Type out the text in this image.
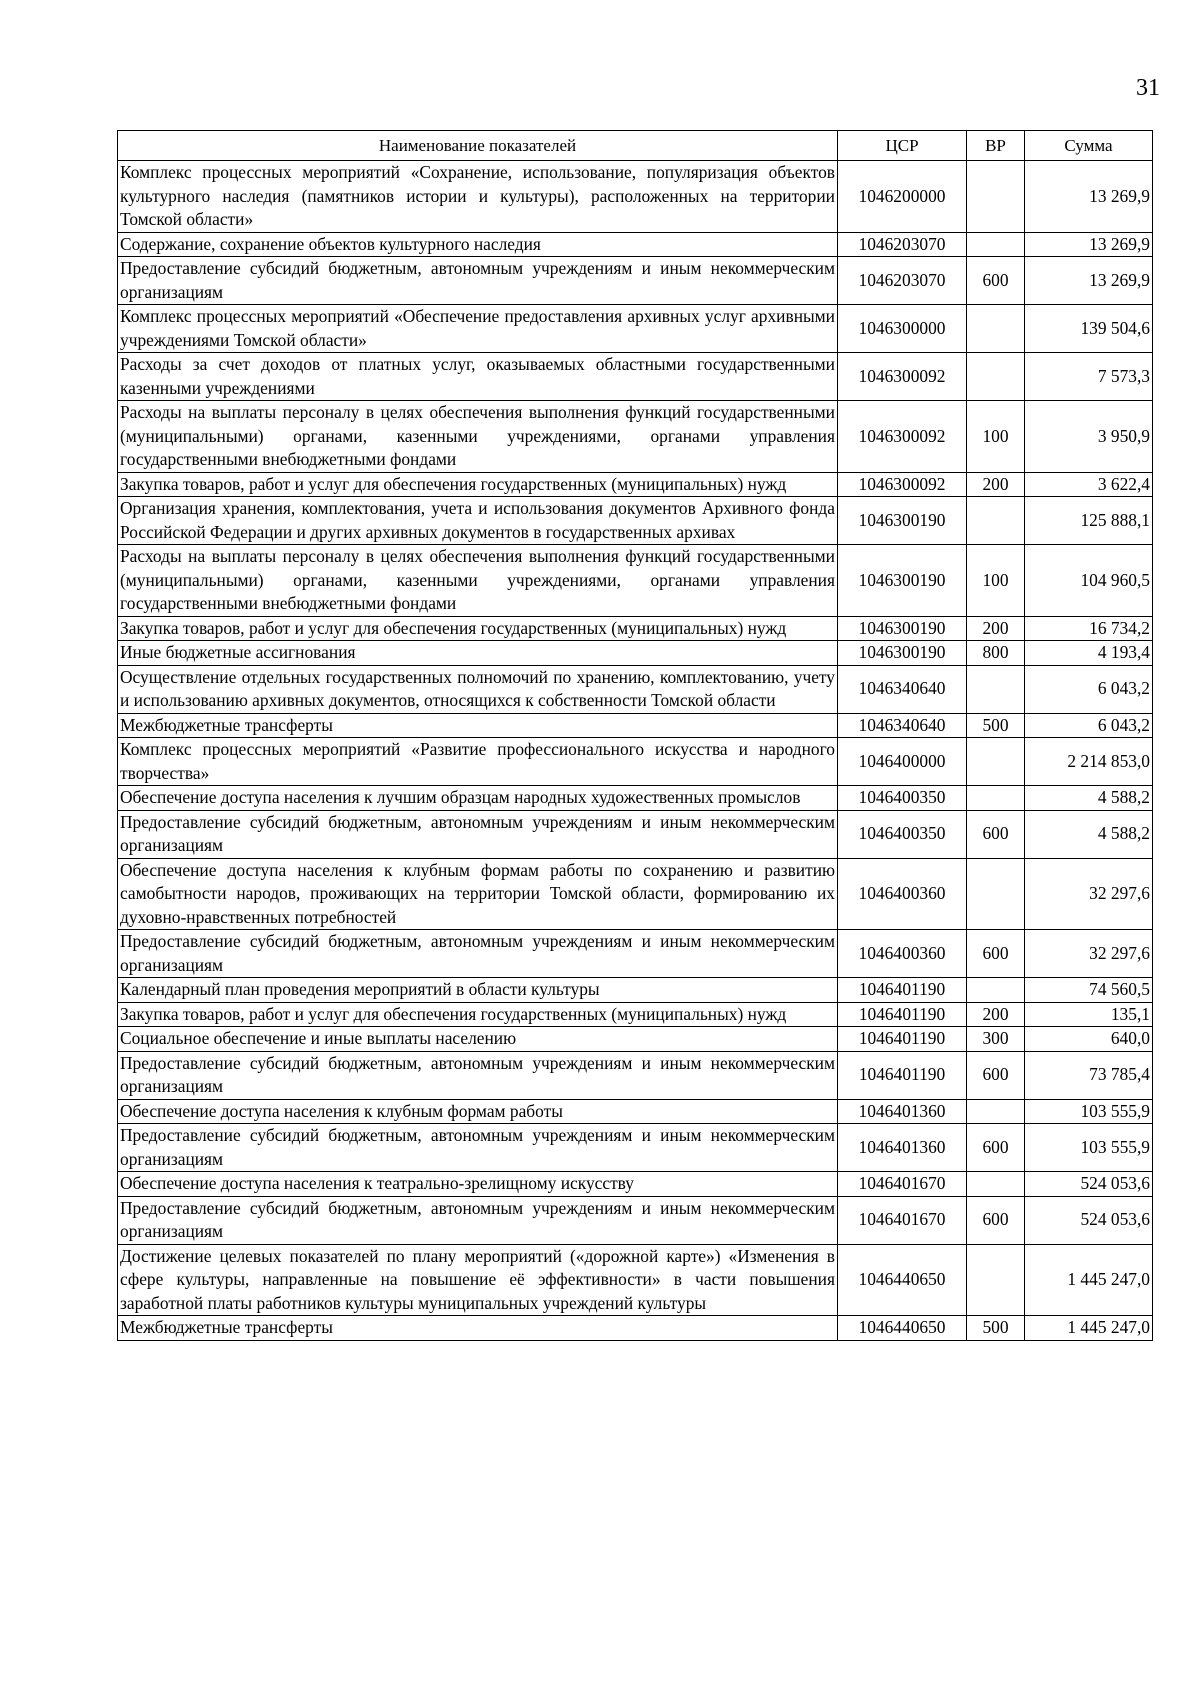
31
Наименование показателей	ЦСР	ВР	Сумма
Комплекс процессных мероприятий «Сохранение, использование, популяризация объектов культурного наследия (памятников истории и культуры), расположенных на территории Томской области»	1046200000		13 269,9
Содержание, сохранение объектов культурного наследия	1046203070		13 269,9
Предоставление субсидий бюджетным, автономным учреждениям и иным некоммерческим организациям	1046203070	600	13 269,9
Комплекс процессных мероприятий «Обеспечение предоставления архивных услуг архивными учреждениями Томской области»	1046300000		139 504,6
Расходы за счет доходов от платных услуг, оказываемых областными государственными казенными учреждениями	1046300092		7 573,3
Расходы на выплаты персоналу в целях обеспечения выполнения функций государственными (муниципальными) органами, казенными учреждениями, органами управления государственными внебюджетными фондами	1046300092	100	3 950,9
Закупка товаров, работ и услуг для обеспечения государственных (муниципальных) нужд	1046300092	200	3 622,4
Организация хранения, комплектования, учета и использования документов Архивного фонда Российской Федерации и других архивных документов в государственных архивах	1046300190		125 888,1
Расходы на выплаты персоналу в целях обеспечения выполнения функций государственными (муниципальными) органами, казенными учреждениями, органами управления государственными внебюджетными фондами	1046300190	100	104 960,5
Закупка товаров, работ и услуг для обеспечения государственных (муниципальных) нужд	1046300190	200	16 734,2
Иные бюджетные ассигнования	1046300190	800	4 193,4
Осуществление отдельных государственных полномочий по хранению, комплектованию, учету и использованию архивных документов, относящихся к собственности Томской области	1046340640		6 043,2
Межбюджетные трансферты	1046340640	500	6 043,2
Комплекс процессных мероприятий «Развитие профессионального искусства и народного творчества»	1046400000		2 214 853,0
Обеспечение доступа населения к лучшим образцам народных художественных промыслов	1046400350		4 588,2
Предоставление субсидий бюджетным, автономным учреждениям и иным некоммерческим организациям	1046400350	600	4 588,2
Обеспечение доступа населения к клубным формам работы по сохранению и развитию самобытности народов, проживающих на территории Томской области, формированию их духовно-нравственных потребностей	1046400360		32 297,6
Предоставление субсидий бюджетным, автономным учреждениям и иным некоммерческим организациям	1046400360	600	32 297,6
Календарный план проведения мероприятий в области культуры	1046401190		74 560,5
Закупка товаров, работ и услуг для обеспечения государственных (муниципальных) нужд	1046401190	200	135,1
Социальное обеспечение и иные выплаты населению	1046401190	300	640,0
Предоставление субсидий бюджетным, автономным учреждениям и иным некоммерческим организациям	1046401190	600	73 785,4
Обеспечение доступа населения к клубным формам работы	1046401360		103 555,9
Предоставление субсидий бюджетным, автономным учреждениям и иным некоммерческим организациям	1046401360	600	103 555,9
Обеспечение доступа населения к театрально-зрелищному искусству	1046401670		524 053,6
Предоставление субсидий бюджетным, автономным учреждениям и иным некоммерческим организациям	1046401670	600	524 053,6
Достижение целевых показателей по плану мероприятий («дорожной карте») «Изменения в сфере культуры, направленные на повышение её эффективности» в части повышения заработной платы работников культуры муниципальных учреждений культуры	1046440650		1 445 247,0
Межбюджетные трансферты	1046440650	500	1 445 247,0
